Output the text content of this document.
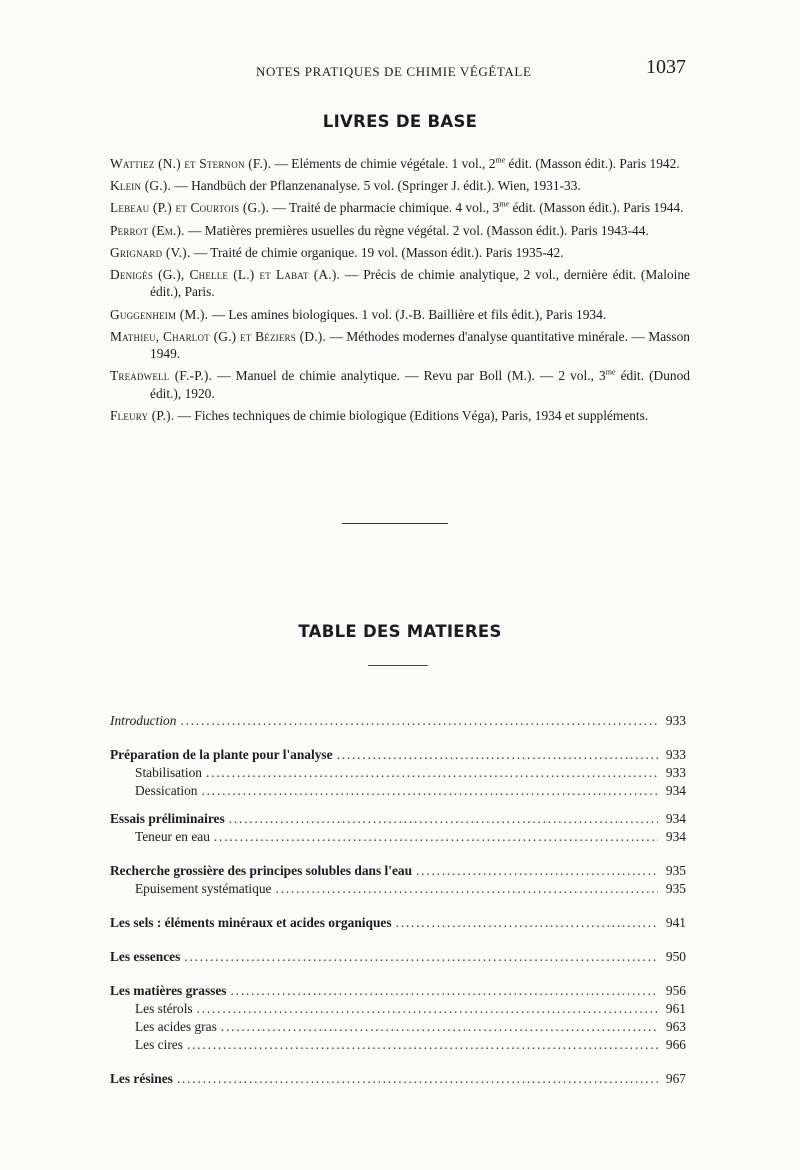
NOTES PRATIQUES DE CHIMIE VÉGÉTALE	1037
LIVRES DE BASE
Wattiez (N.) et Sternon (F.). — Eléments de chimie végétale. 1 vol., $2^{me}$ édit. (Masson édit.). Paris 1942.
Klein (G.). — Handbüch der Pflanzenanalyse. 5 vol. (Springer J. édit.). Wien, 1931-33.
Lebeau (P.) et Courtois (G.). — Traité de pharmacie chimique. 4 vol., $3^{me}$ édit. (Masson édit.). Paris 1944.
Perrot (Em.). — Matières premières usuelles du règne végétal. 2 vol. (Masson édit.). Paris 1943-44.
Grignard (V.). — Traité de chimie organique. 19 vol. (Masson édit.). Paris 1935-42.
Denigès (G.), Chelle (L.) et Labat (A.). — Précis de chimie analytique, 2 vol., dernière édit. (Maloine édit.), Paris.
Guggenheim (M.). — Les amines biologiques. 1 vol. (J.-B. Baillière et fils édit.), Paris 1934.
Mathieu, Charlot (G.) et Béziers (D.). — Méthodes modernes d'analyse quantitative minérale. — Masson 1949.
Treadwell (F.-P.). — Manuel de chimie analytique. — Revu par Boll (M.). — 2 vol., $3^{me}$ édit. (Dunod édit.), 1920.
Fleury (P.). — Fiches techniques de chimie biologique (Editions Véga), Paris, 1934 et suppléments.
TABLE DES MATIERES
Introduction .....	933
Préparation de la plante pour l'analyse .....	933
Stabilisation .....	933
Dessication .....	934
Essais préliminaires .....	934
Teneur en eau .....	934
Recherche grossière des principes solubles dans l'eau .....	935
Epuisement systématique .....	935
Les sels : éléments minéraux et acides organiques .....	941
Les essences .....	950
Les matières grasses .....	956
Les stérols .....	961
Les acides gras .....	963
Les cires .....	966
Les résines .....	967
